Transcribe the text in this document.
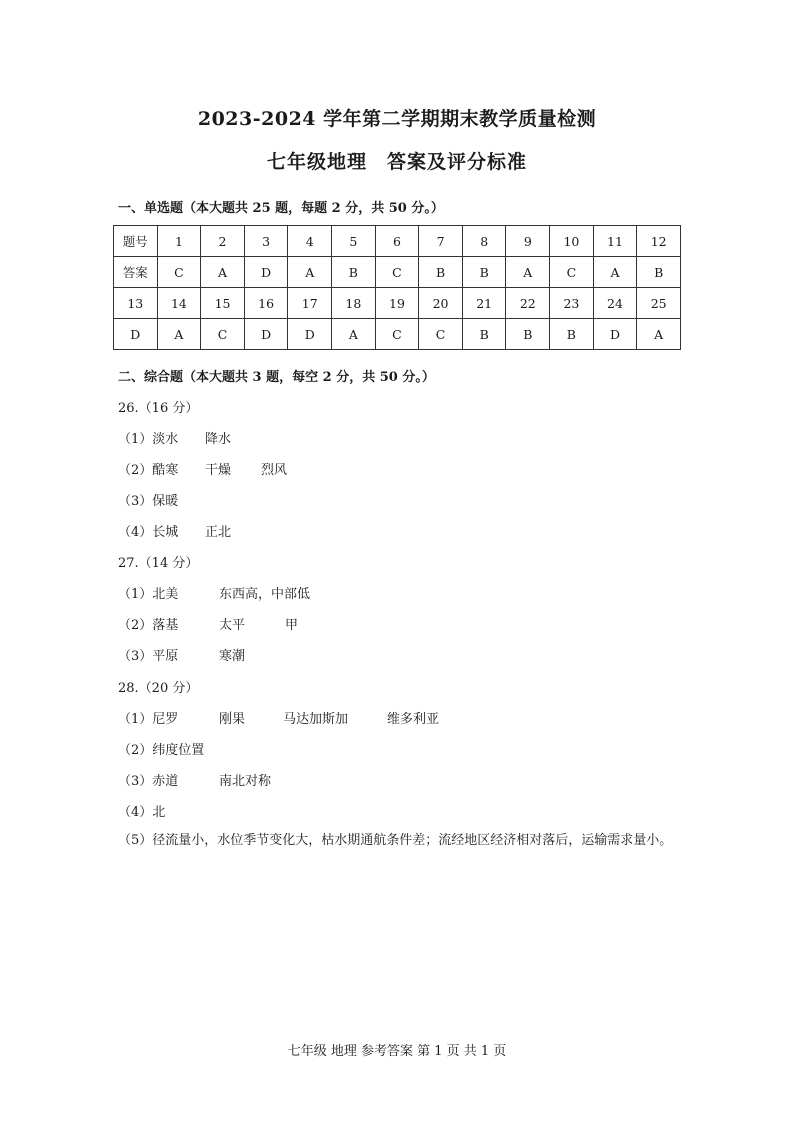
2023-2024 学年第二学期期末教学质量检测
七年级地理　答案及评分标准
一、单选题（本大题共 25 题，每题 2 分，共 50 分。）
题号	1	2	3	4	5	6	7	8	9	10	11	12
答案	C	A	D	A	B	C	B	B	A	C	A	B
13	14	15	16	17	18	19	20	21	22	23	24	25
D	A	C	D	D	A	C	C	B	B	B	D	A
二、综合题（本大题共 3 题，每空 2 分，共 50 分。）
26.（16 分）
（1）淡水 降水
（2）酷寒 干燥 烈风
（3）保暖
（4）长城 正北
27.（14 分）
（1）北美	东西高，中部低
（2）落基	太平	甲
（3）平原	寒潮
28.（20 分）
（1）尼罗	刚果	马达加斯加	维多利亚
（2）纬度位置
（3）赤道	南北对称
（4）北
（5）径流量小，水位季节变化大，枯水期通航条件差；流经地区经济相对落后，运输需求量小。
七年级 地理 参考答案 第 1 页 共 1 页
